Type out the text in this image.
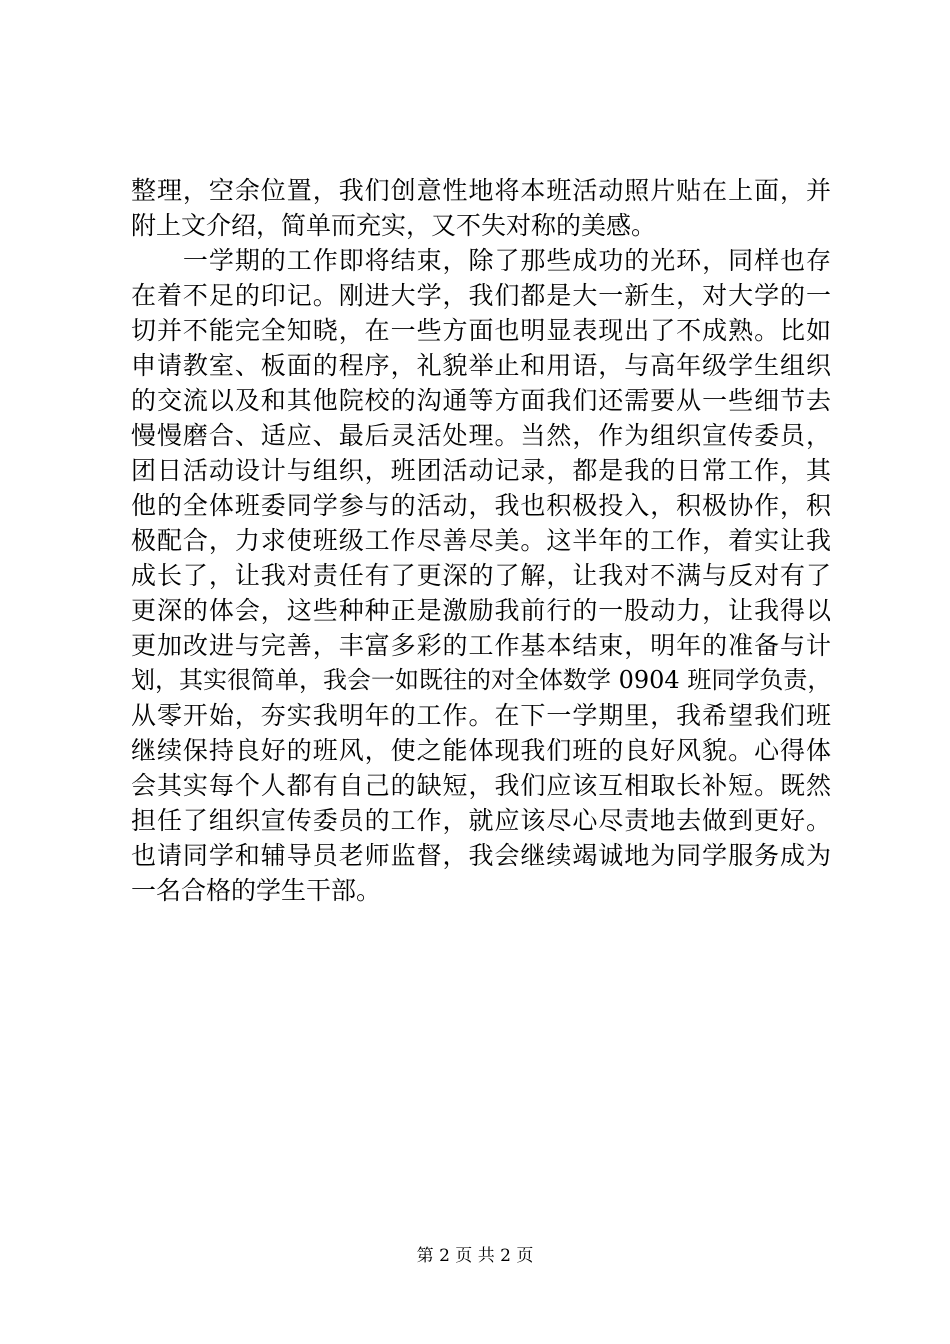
整理，空余位置，我们创意性地将本班活动照片贴在上面，并
附上文介绍，简单而充实，又不失对称的美感。
　　一学期的工作即将结束，除了那些成功的光环，同样也存
在着不足的印记。刚进大学，我们都是大一新生，对大学的一
切并不能完全知晓，在一些方面也明显表现出了不成熟。比如
申请教室、板面的程序，礼貌举止和用语，与高年级学生组织
的交流以及和其他院校的沟通等方面我们还需要从一些细节去
慢慢磨合、适应、最后灵活处理。当然，作为组织宣传委员，
团日活动设计与组织，班团活动记录，都是我的日常工作，其
他的全体班委同学参与的活动，我也积极投入，积极协作，积
极配合，力求使班级工作尽善尽美。这半年的工作，着实让我
成长了，让我对责任有了更深的了解，让我对不满与反对有了
更深的体会，这些种种正是激励我前行的一股动力，让我得以
更加改进与完善，丰富多彩的工作基本结束，明年的准备与计
划，其实很简单，我会一如既往的对全体数学 0904 班同学负责，
从零开始，夯实我明年的工作。在下一学期里，我希望我们班
继续保持良好的班风，使之能体现我们班的良好风貌。心得体
会其实每个人都有自己的缺短，我们应该互相取长补短。既然
担任了组织宣传委员的工作，就应该尽心尽责地去做到更好。
也请同学和辅导员老师监督，我会继续竭诚地为同学服务成为
一名合格的学生干部。
第 2 页 共 2 页
